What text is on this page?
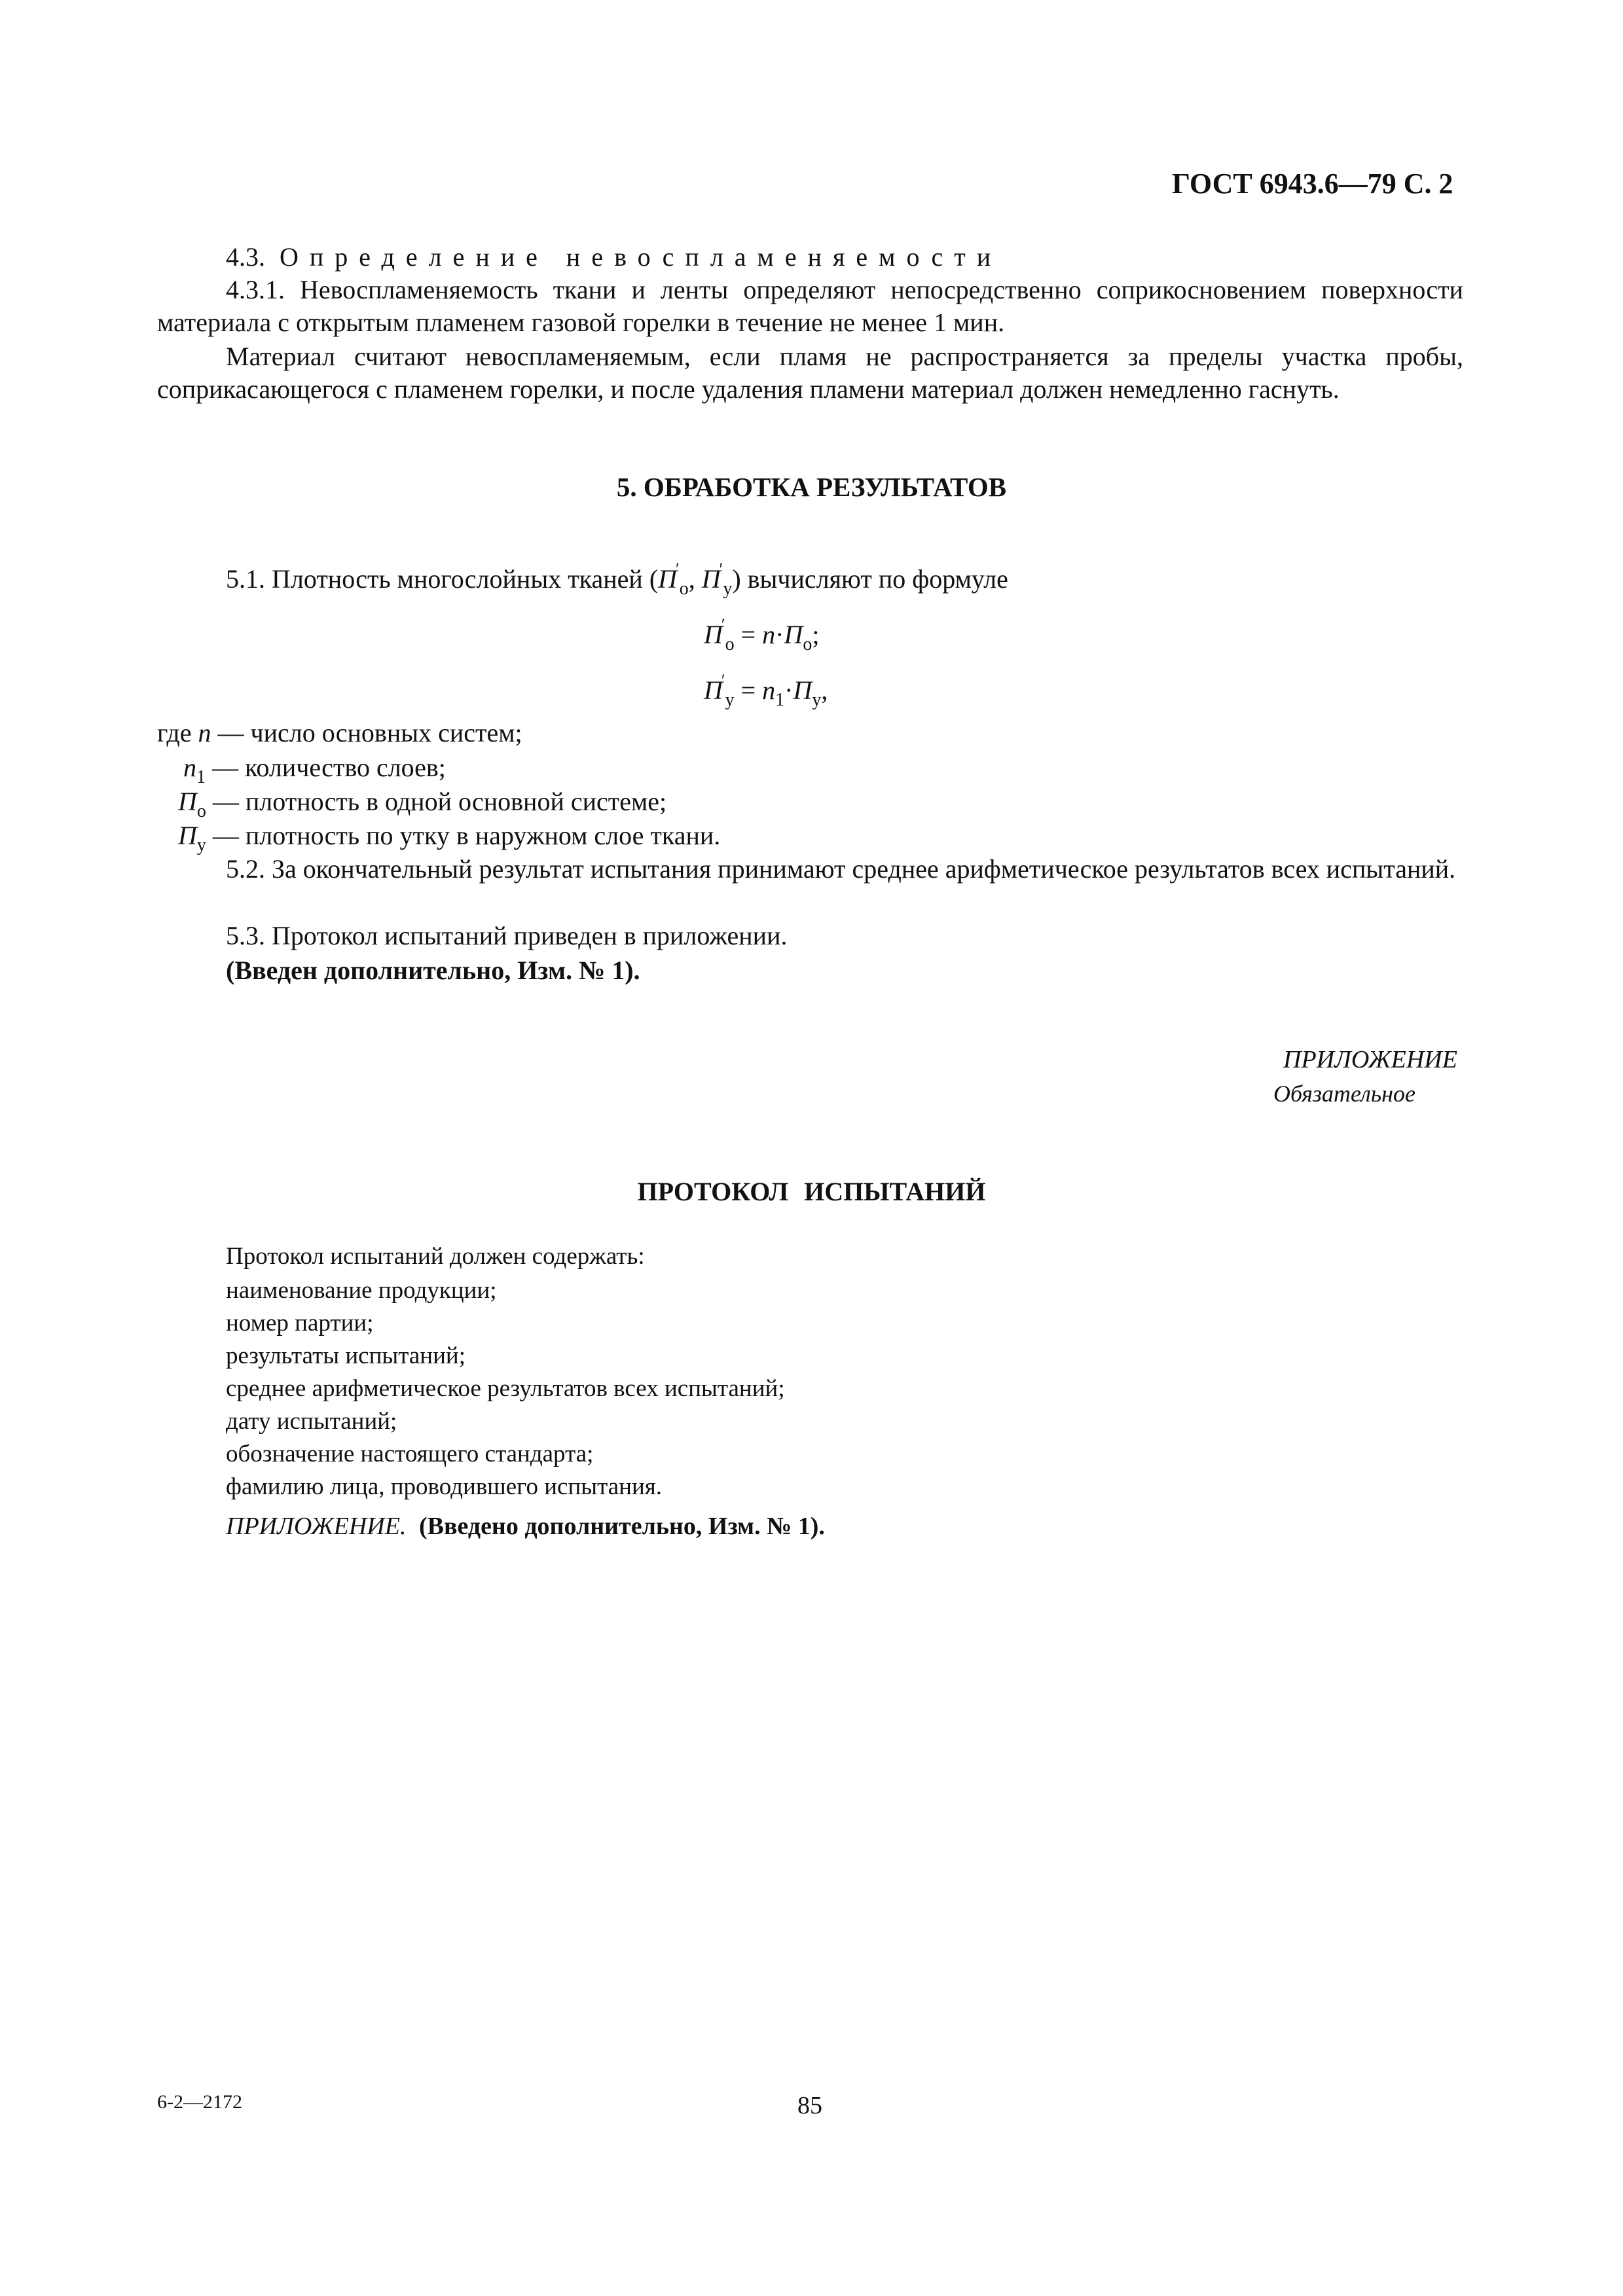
ГОСТ 6943.6—79 С. 2
4.3. Определение невоспламеняемости
4.3.1. Невоспламеняемость ткани и ленты определяют непосредственно соприкосновением поверхности материала с открытым пламенем газовой горелки в течение не менее 1 мин.
Материал считают невоспламеняемым, если пламя не распространяется за пределы участка пробы, соприкасающегося с пламенем горелки, и после удаления пламени материал должен немедленно гаснуть.
5. ОБРАБОТКА РЕЗУЛЬТАТОВ
5.1. Плотность многослойных тканей ($П'_о$, $П'_у$) вычисляют по формуле
$П'_о = n\cdot П_о$;
$П'_у = n_1\cdot П_у$,
где n — число основных систем;
$n_1$ — количество слоев;
$П_о$ — плотность в одной основной системе;
$П_у$ — плотность по утку в наружном слое ткани.
5.2. За окончательный результат испытания принимают среднее арифметическое результатов всех испытаний.
5.3. Протокол испытаний приведен в приложении.
(Введен дополнительно, Изм. № 1).
ПРИЛОЖЕНИЕ
Обязательное
ПРОТОКОЛ ИСПЫТАНИЙ
Протокол испытаний должен содержать:
наименование продукции;
номер партии;
результаты испытаний;
среднее арифметическое результатов всех испытаний;
дату испытаний;
обозначение настоящего стандарта;
фамилию лица, проводившего испытания.
ПРИЛОЖЕНИЕ. (Введено дополнительно, Изм. № 1).
6-2—2172	85
